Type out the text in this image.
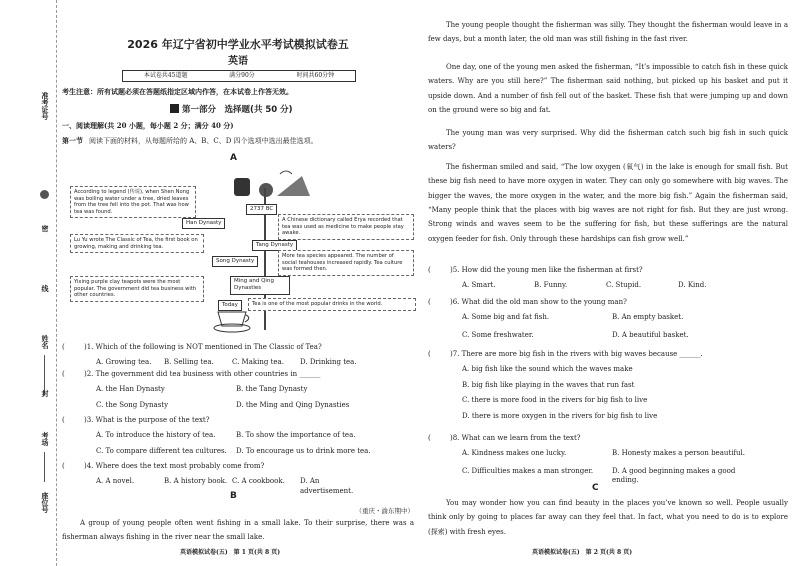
准考证号
密
姓名
封
考场
座位号
线
2026 年辽宁省初中学业水平考试模拟试卷五
英语
本试卷共45道题	满分90分	时间共60分钟
考生注意：所有试题必须在答题纸指定区域内作答，在本试卷上作答无效。
第一部分　选择题(共 50 分)
一、阅读理解(共 20 小题，每小题 2 分；满分 40 分)
第一节 阅读下面的材料，从每题所给的 A、B、C、D 四个选项中选出最佳选项。
A
According to legend (传说), when Shen Nong was boiling water under a tree, dried leaves from the tree fell into the pot. That was how tea was found.	2737 BC
A Chinese dictionary called Erya recorded that tea was used as medicine to make people stay awake.
Han Dynasty
Lu Yu wrote The Classic of Tea, the first book on growing, making and drinking tea.	Tang Dynasty
More tea species appeared. The number of social teahouses increased rapidly. Tea culture was formed then.
Song Dynasty
Yixing purple clay teapots were the most popular. The government did tea business with other countries.
Ming and Qing Dynasties
Today	Tea is one of the most popular drinks in the world.
(	)1. Which of the following is NOT mentioned in The Classic of Tea?
A. Growing tea.	B. Selling tea.	C. Making tea.	D. Drinking tea.
(	)2. The government did tea business with other countries in ______
A. the Han Dynasty	B. the Tang Dynasty
C. the Song Dynasty	D. the Ming and Qing Dynasties
(	)3. What is the purpose of the text?
A. To introduce the history of tea.	B. To show the importance of tea.
C. To compare different tea cultures.	D. To encourage us to drink more tea.
(	)4. Where does the text most probably come from?
A. A novel.	B. A history book. C. A cookbook.	D. An advertisement.
B
（重庆・渝东期中）
A group of young people often went fishing in a small lake. To their surprise, there was a fisherman always fishing in the river near the small lake.
英语模拟试卷(五)　第 1 页(共 8 页)
The young people thought the fisherman was silly. They thought the fisherman would leave in a few days, but a month later, the old man was still fishing in the fast river.
One day, one of the young men asked the fisherman, “It’s impossible to catch fish in these quick waters. Why are you still here?” The fisherman said nothing, but picked up his basket and put it upside down. And a number of fish fell out of the basket. These fish that were jumping up and down on the ground were so big and fat.
The young man was very surprised. Why did the fisherman catch such big fish in such quick waters?
The fisherman smiled and said, “The low oxygen (氧气) in the lake is enough for small fish. But these big fish need to have more oxygen in water. They can only go somewhere with big waves. The bigger the waves, the more oxygen in the water, and the more big fish.” Again the fisherman said, “Many people think that the places with big waves are not right for fish. But they are just wrong. Strong winds and waves seem to be the suffering for fish, but these sufferings are the natural oxygen feeder for fish. Only through these hardships can fish grow well.”
(	)5. How did the young men like the fisherman at first?
A. Smart.	B. Funny.	C. Stupid.	D. Kind.
(	)6. What did the old man show to the young man?
A. Some big and fat fish.	B. An empty basket.
C. Some freshwater.	D. A beautiful basket.
(	)7. There are more big fish in the rivers with big waves because ______.
A. big fish like the sound which the waves make
B. big fish like playing in the waves that run fast
C. there is more food in the rivers for big fish to live
D. there is more oxygen in the rivers for big fish to live
(	)8. What can we learn from the text?
A. Kindness makes one lucky.	B. Honesty makes a person beautiful.
C. Difficulties makes a man stronger.	D. A good beginning makes a good ending.
C
You may wonder how you can find beauty in the places you’ve known so well. People usually think only by going to places far away can they feel that. In fact, what you need to do is to explore (探索) with fresh eyes.
英语模拟试卷(五)　第 2 页(共 8 页)
